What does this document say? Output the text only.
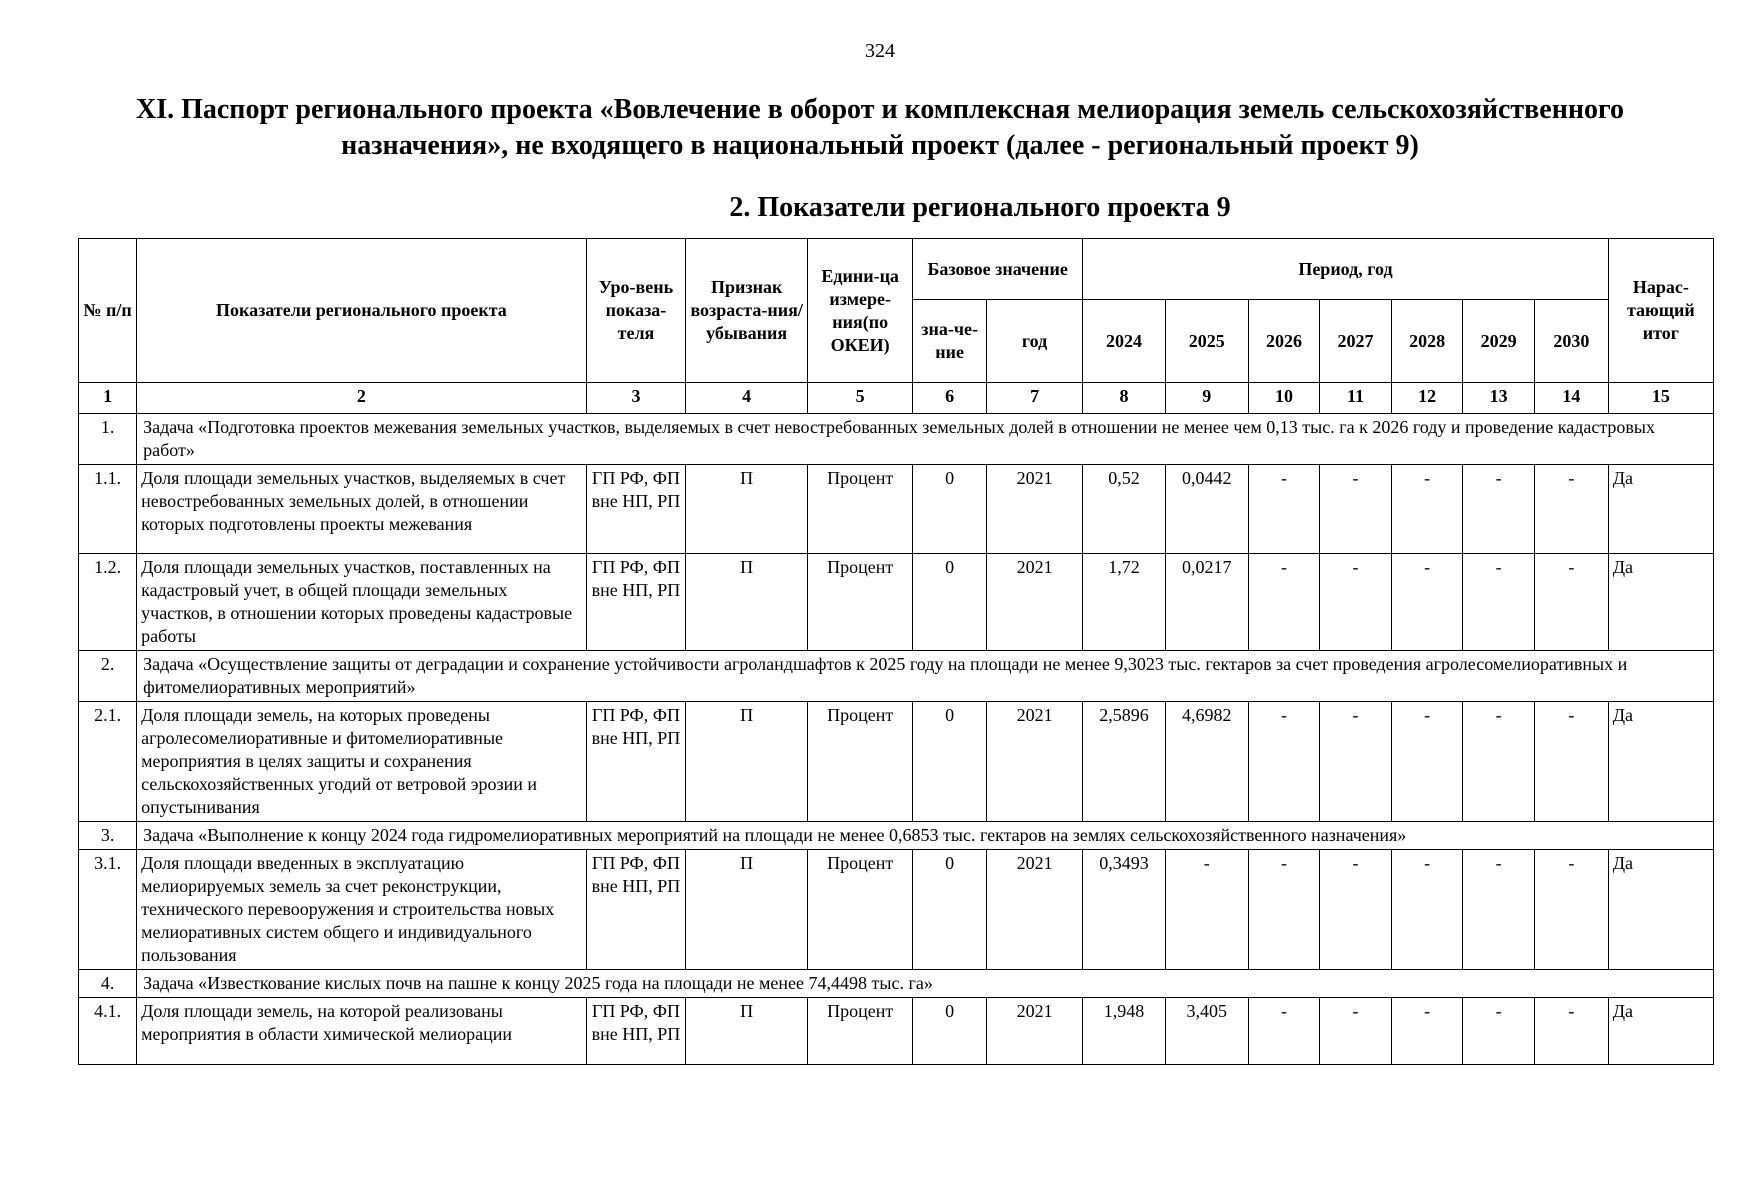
324
XI. Паспорт регионального проекта «Вовлечение в оборот и комплексная мелиорация земель сельскохозяйственного назначения», не входящего в национальный проект (далее - региональный проект 9)
2. Показатели регионального проекта 9
№ п/п	Показатели регионального проекта	Уро-вень показа-теля	Признак возраста-ния/ убывания	Едини-ца измере-ния(по ОКЕИ)	Базовое значение		Период, год							Нарас-тающий итог
					зна-че-ние	год	2024	2025	2026	2027	2028	2029	2030	
1	2	3	4	5	6	7	8	9	10	11	12	13	14	15
1.	Задача «Подготовка проектов межевания земельных участков, выделяемых в счет невостребованных земельных долей в отношении не менее чем 0,13 тыс. га к 2026 году и проведение кадастровых работ»													
1.1.	Доля площади земельных участков, выделяемых в счет невостребованных земельных долей, в отношении которых подготовлены проекты межевания	ГП РФ, ФП вне НП, РП	П	Процент	0	2021	0,52	0,0442	-	-	-	-	-	Да
1.2.	Доля площади земельных участков, поставленных на кадастровый учет, в общей площади земельных участков, в отношении которых проведены кадастровые работы	ГП РФ, ФП вне НП, РП	П	Процент	0	2021	1,72	0,0217	-	-	-	-	-	Да
2.	Задача «Осуществление защиты от деградации и сохранение устойчивости агроландшафтов к 2025 году на площади не менее 9,3023 тыс. гектаров за счет проведения агролесомелиоративных и фитомелиоративных мероприятий»													
2.1.	Доля площади земель, на которых проведены агролесомелиоративные и фитомелиоративные мероприятия в целях защиты и сохранения сельскохозяйственных угодий от ветровой эрозии и опустынивания	ГП РФ, ФП вне НП, РП	П	Процент	0	2021	2,5896	4,6982	-	-	-	-	-	Да
3.	Задача «Выполнение к концу 2024 года гидромелиоративных мероприятий на площади не менее 0,6853 тыс. гектаров на землях сельскохозяйственного назначения»													
3.1.	Доля площади введенных в эксплуатацию мелиорируемых земель за счет реконструкции, технического перевооружения и строительства новых мелиоративных систем общего и индивидуального пользования	ГП РФ, ФП вне НП, РП	П	Процент	0	2021	0,3493	-	-	-	-	-	-	Да
4.	Задача «Известкование кислых почв на пашне к концу 2025 года на площади не менее 74,4498 тыс. га»													
4.1.	Доля площади земель, на которой реализованы мероприятия в области химической мелиорации	ГП РФ, ФП вне НП, РП	П	Процент	0	2021	1,948	3,405	-	-	-	-	-	Да
